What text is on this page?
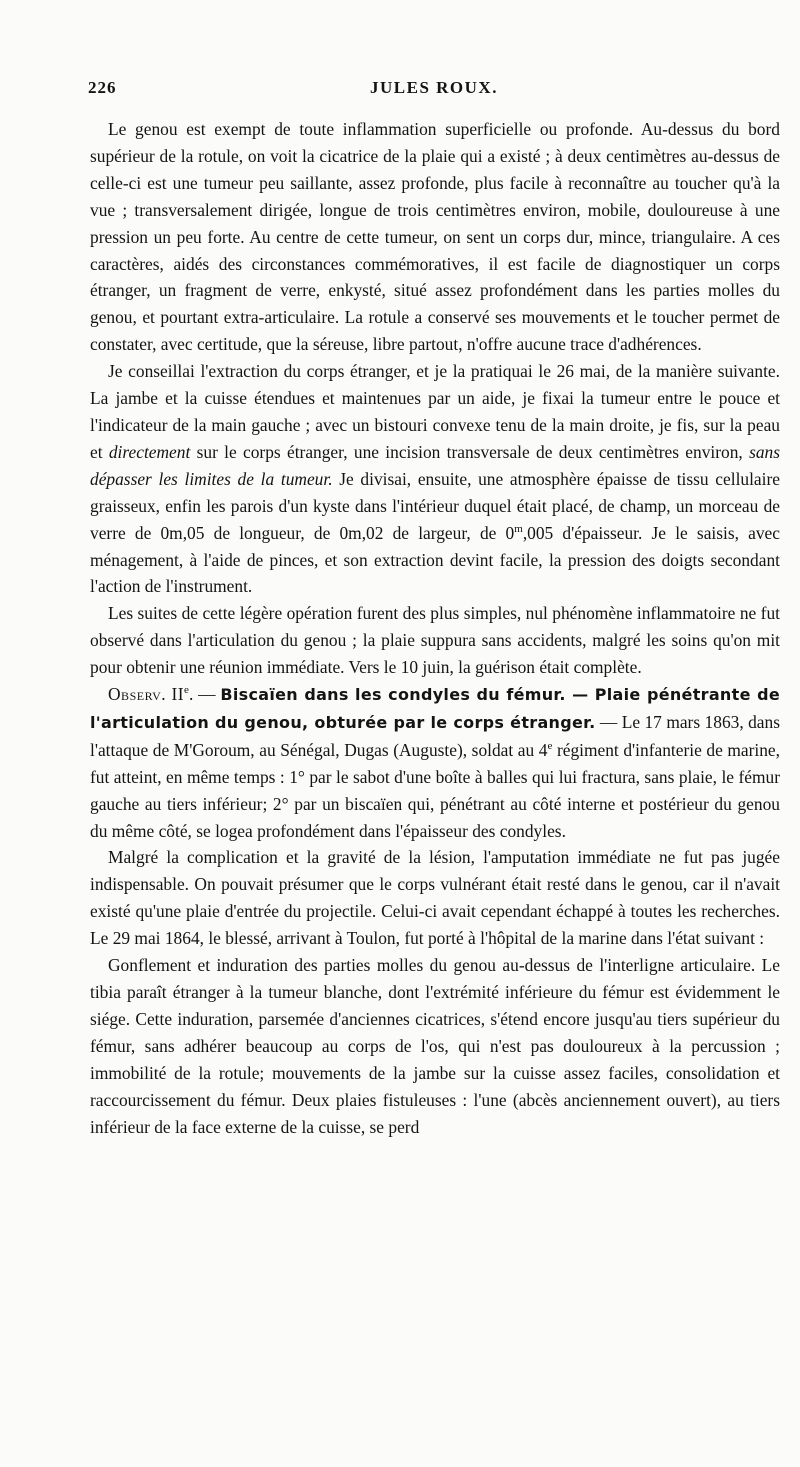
226	JULES ROUX.

Le genou est exempt de toute inflammation superficielle ou profonde. Au-dessus du bord supérieur de la rotule, on voit la cicatrice de la plaie qui a existé ; à deux centimètres au-dessus de celle-ci est une tumeur peu saillante, assez profonde, plus facile à reconnaître au toucher qu'à la vue ; transversalement dirigée, longue de trois centimètres environ, mobile, douloureuse à une pression un peu forte. Au centre de cette tumeur, on sent un corps dur, mince, triangulaire. A ces caractères, aidés des circonstances commémoratives, il est facile de diagnostiquer un corps étranger, un fragment de verre, enkysté, situé assez profondément dans les parties molles du genou, et pourtant extra-articulaire. La rotule a conservé ses mouvements et le toucher permet de constater, avec certitude, que la séreuse, libre partout, n'offre aucune trace d'adhérences.

Je conseillai l'extraction du corps étranger, et je la pratiquai le 26 mai, de la manière suivante. La jambe et la cuisse étendues et maintenues par un aide, je fixai la tumeur entre le pouce et l'indicateur de la main gauche ; avec un bistouri convexe tenu de la main droite, je fis, sur la peau et directement sur le corps étranger, une incision transversale de deux centimètres environ, sans dépasser les limites de la tumeur. Je divisai, ensuite, une atmosphère épaisse de tissu cellulaire graisseux, enfin les parois d'un kyste dans l'intérieur duquel était placé, de champ, un morceau de verre de 0m,05 de longueur, de 0m,02 de largeur, de 0$^m$,005 d'épaisseur. Je le saisis, avec ménagement, à l'aide de pinces, et son extraction devint facile, la pression des doigts secondant l'action de l'instrument.

Les suites de cette légère opération furent des plus simples, nul phénomène inflammatoire ne fut observé dans l'articulation du genou ; la plaie suppura sans accidents, malgré les soins qu'on mit pour obtenir une réunion immédiate. Vers le 10 juin, la guérison était complète.

Observ. IIe. — Biscaïen dans les condyles du fémur. — Plaie pénétrante de l'articulation du genou, obturée par le corps étranger. — Le 17 mars 1863, dans l'attaque de M'Goroum, au Sénégal, Dugas (Auguste), soldat au 4e régiment d'infanterie de marine, fut atteint, en même temps : 1° par le sabot d'une boîte à balles qui lui fractura, sans plaie, le fémur gauche au tiers inférieur; 2° par un biscaïen qui, pénétrant au côté interne et postérieur du genou du même côté, se logea profondément dans l'épaisseur des condyles.

Malgré la complication et la gravité de la lésion, l'amputation immédiate ne fut pas jugée indispensable. On pouvait présumer que le corps vulnérant était resté dans le genou, car il n'avait existé qu'une plaie d'entrée du projectile. Celui-ci avait cependant échappé à toutes les recherches. Le 29 mai 1864, le blessé, arrivant à Toulon, fut porté à l'hôpital de la marine dans l'état suivant :

Gonflement et induration des parties molles du genou au-dessus de l'interligne articulaire. Le tibia paraît étranger à la tumeur blanche, dont l'extrémité inférieure du fémur est évidemment le siége. Cette induration, parsemée d'anciennes cicatrices, s'étend encore jusqu'au tiers supérieur du fémur, sans adhérer beaucoup au corps de l'os, qui n'est pas douloureux à la percussion ; immobilité de la rotule; mouvements de la jambe sur la cuisse assez faciles, consolidation et raccourcissement du fémur. Deux plaies fistuleuses : l'une (abcès anciennement ouvert), au tiers inférieur de la face externe de la cuisse, se perd
